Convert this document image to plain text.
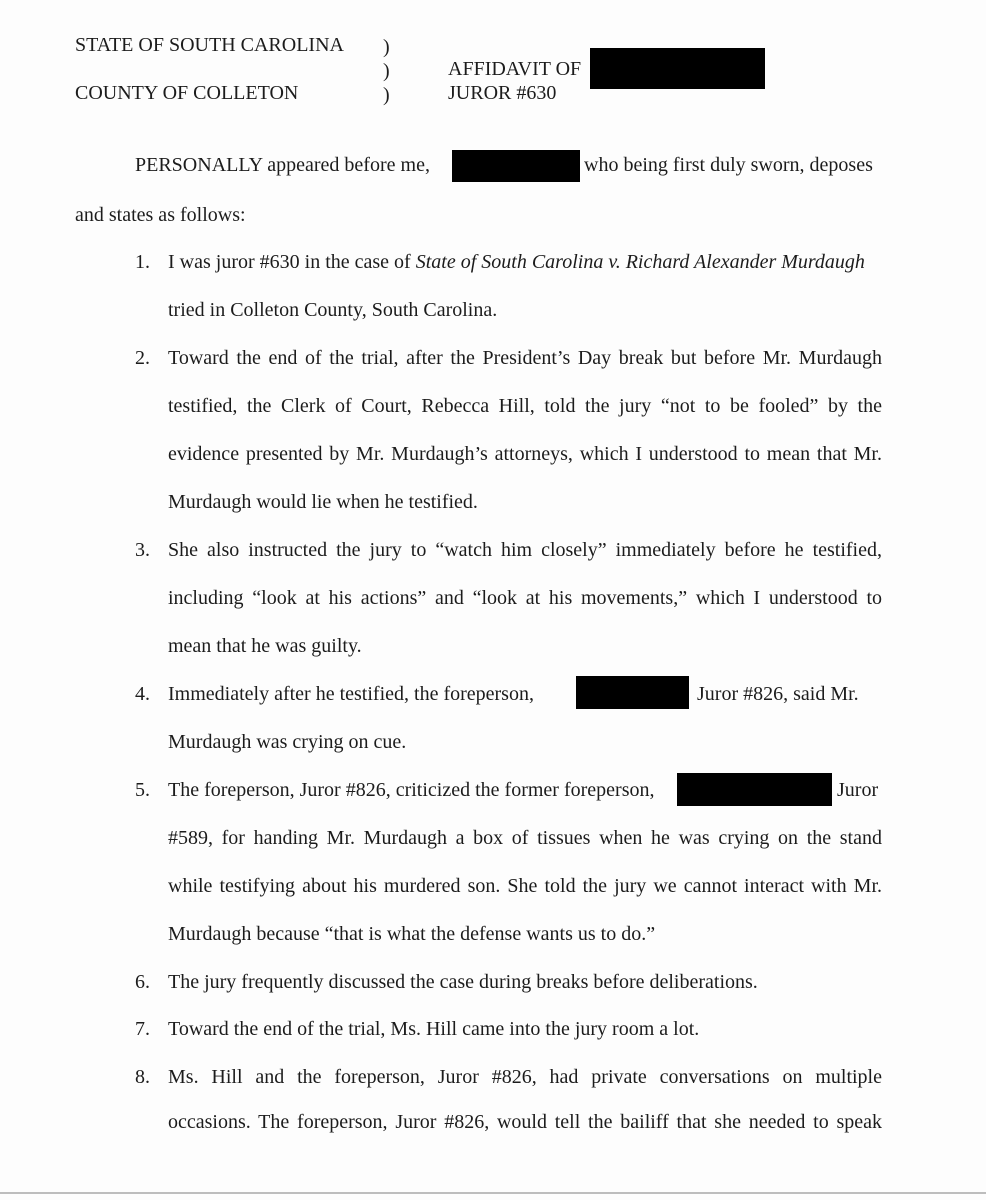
STATE OF SOUTH CAROLINA
COUNTY OF COLLETON
)
)
)
AFFIDAVIT OF
JUROR #630
PERSONALLY appeared before me,	who being first duly sworn, deposes
and states as follows:
1. I was juror #630 in the case of State of South Carolina v. Richard Alexander Murdaugh
tried in Colleton County, South Carolina.
2. Toward the end of the trial, after the President’s Day break but before Mr. Murdaugh
testified, the Clerk of Court, Rebecca Hill, told the jury “not to be fooled” by the
evidence presented by Mr. Murdaugh’s attorneys, which I understood to mean that Mr.
Murdaugh would lie when he testified.
3. She also instructed the jury to “watch him closely” immediately before he testified,
including “look at his actions” and “look at his movements,” which I understood to
mean that he was guilty.
4. Immediately after he testified, the foreperson,	Juror #826, said Mr.
Murdaugh was crying on cue.
5. The foreperson, Juror #826, criticized the former foreperson,	Juror
#589, for handing Mr. Murdaugh a box of tissues when he was crying on the stand
while testifying about his murdered son. She told the jury we cannot interact with Mr.
Murdaugh because “that is what the defense wants us to do.”
6. The jury frequently discussed the case during breaks before deliberations.
7. Toward the end of the trial, Ms. Hill came into the jury room a lot.
8. Ms. Hill and the foreperson, Juror #826, had private conversations on multiple
occasions. The foreperson, Juror #826, would tell the bailiff that she needed to speak
